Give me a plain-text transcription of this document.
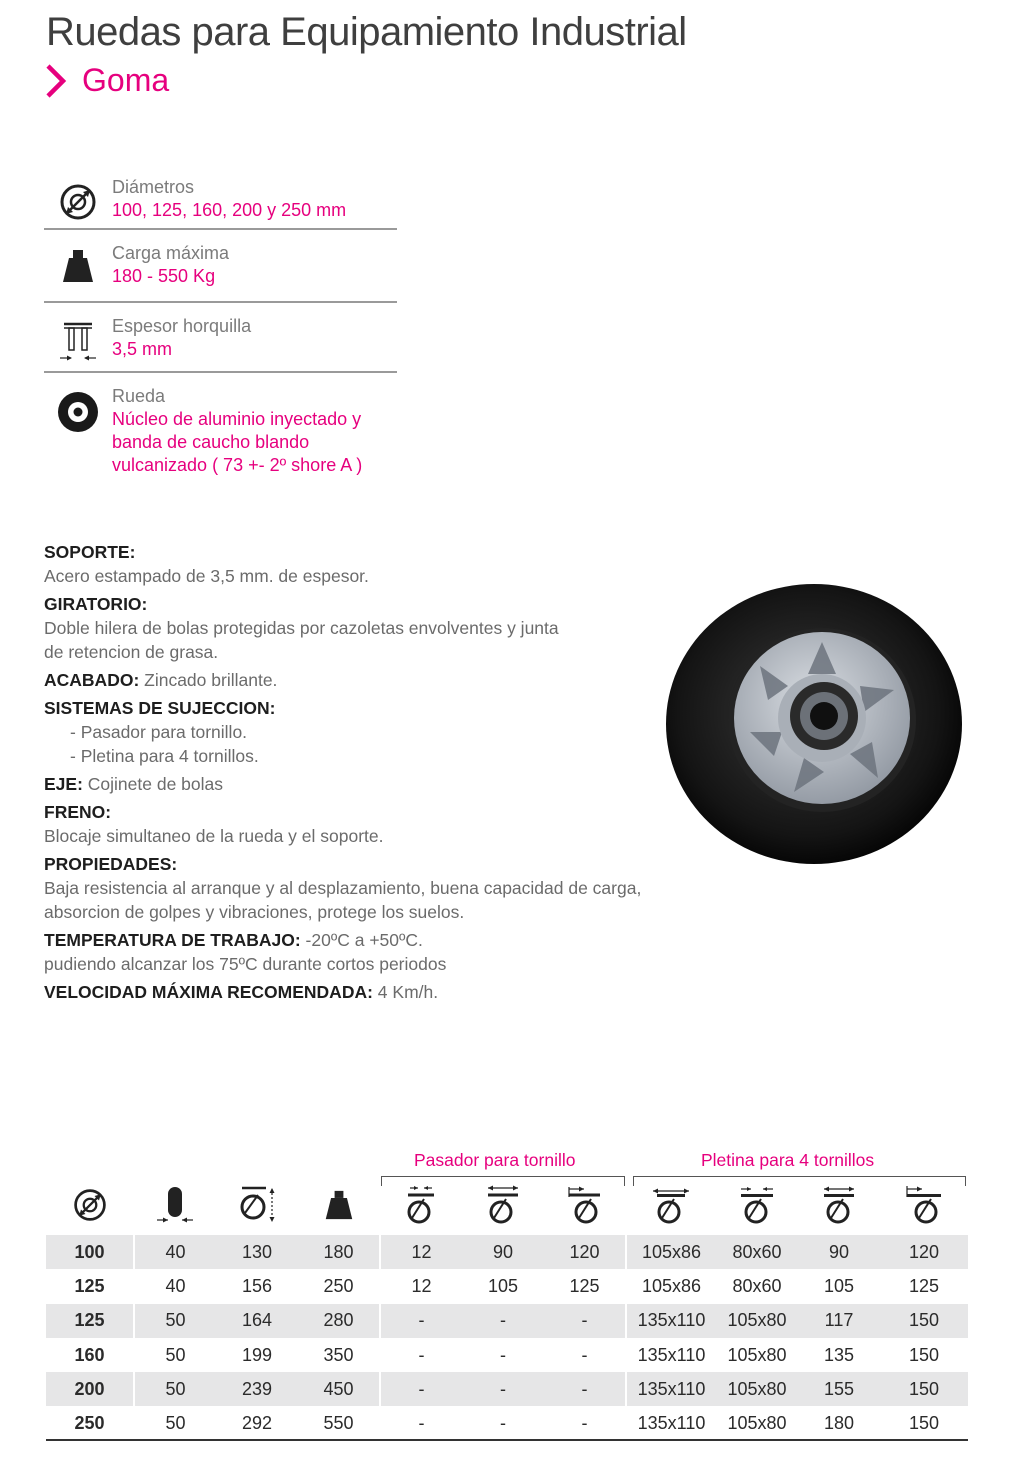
Ruedas para Equipamiento Industrial
Goma
Diámetros
100, 125, 160, 200 y 250 mm
Carga máxima
180 - 550 Kg
Espesor horquilla
3,5 mm
Rueda
Núcleo de aluminio inyectado y
banda de caucho blando
vulcanizado ( 73 +- 2º shore A )
SOPORTE:
Acero estampado de 3,5 mm. de espesor.
GIRATORIO:
Doble hilera de bolas protegidas por cazoletas envolventes y junta
de retencion de grasa.
ACABADO: Zincado brillante.
SISTEMAS DE SUJECCION:
- Pasador para tornillo.
- Pletina para 4 tornillos.
EJE: Cojinete de bolas
FRENO:
Blocaje simultaneo de la rueda y el soporte.
PROPIEDADES:
Baja resistencia al arranque y al desplazamiento, buena capacidad de carga,
absorcion de golpes y vibraciones, protege los suelos.
TEMPERATURA DE TRABAJO: -20ºC a +50ºC.
pudiendo alcanzar los 75ºC durante cortos periodos
VELOCIDAD MÁXIMA RECOMENDADA: 4 Km/h.
Pasador para tornillo	Pletina para 4 tornillos
100	40	130	180	12	90	120	105x86	80x60	90	120
125	40	156	250	12	105	125	105x86	80x60	105	125
125	50	164	280	-	-	-	135x110	105x80	117	150
160	50	199	350	-	-	-	135x110	105x80	135	150
200	50	239	450	-	-	-	135x110	105x80	155	150
250	50	292	550	-	-	-	135x110	105x80	180	150
